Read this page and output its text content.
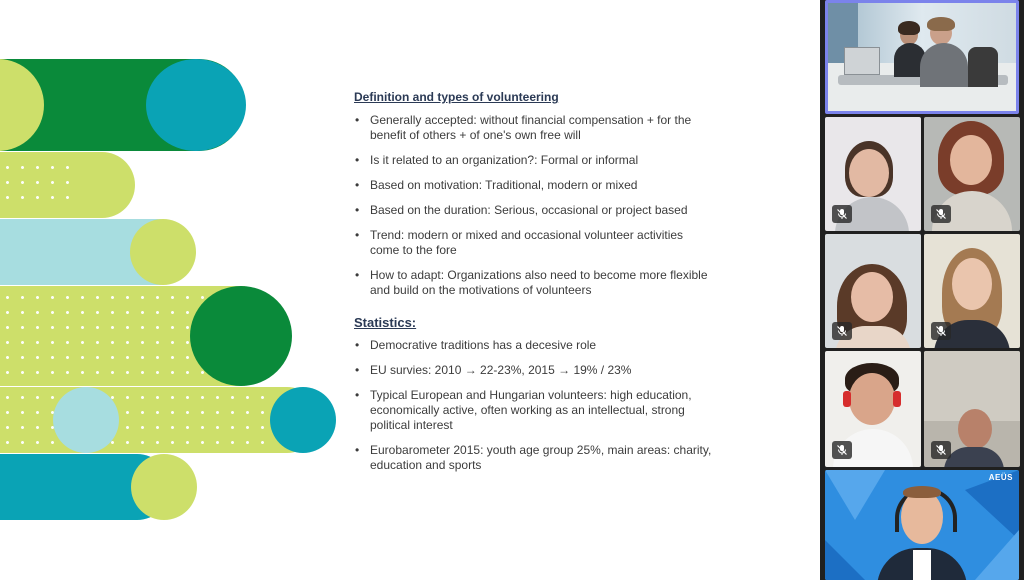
Definition and types of volunteering
• Generally accepted: without financial compensation + for the benefit of others + of one's own free will
• Is it related to an organization?: Formal or informal
• Based on motivation: Traditional, modern or mixed
• Based on the duration: Serious, occasional or project based
• Trend: modern or mixed and occasional volunteer activities come to the fore
• How to adapt: Organizations also need to become more flexible and build on the motivations of volunteers
Statistics:
• Democrative traditions has a decesive role
• EU survies: 2010 → 22-23%, 2015 → 19% / 23%
• Typical European and Hungarian volunteers: high education, economically active, often working as an intellectual, strong political interest
• Eurobarometer 2015: youth age group 25%, main areas: charity, education and sports
AEÜS
